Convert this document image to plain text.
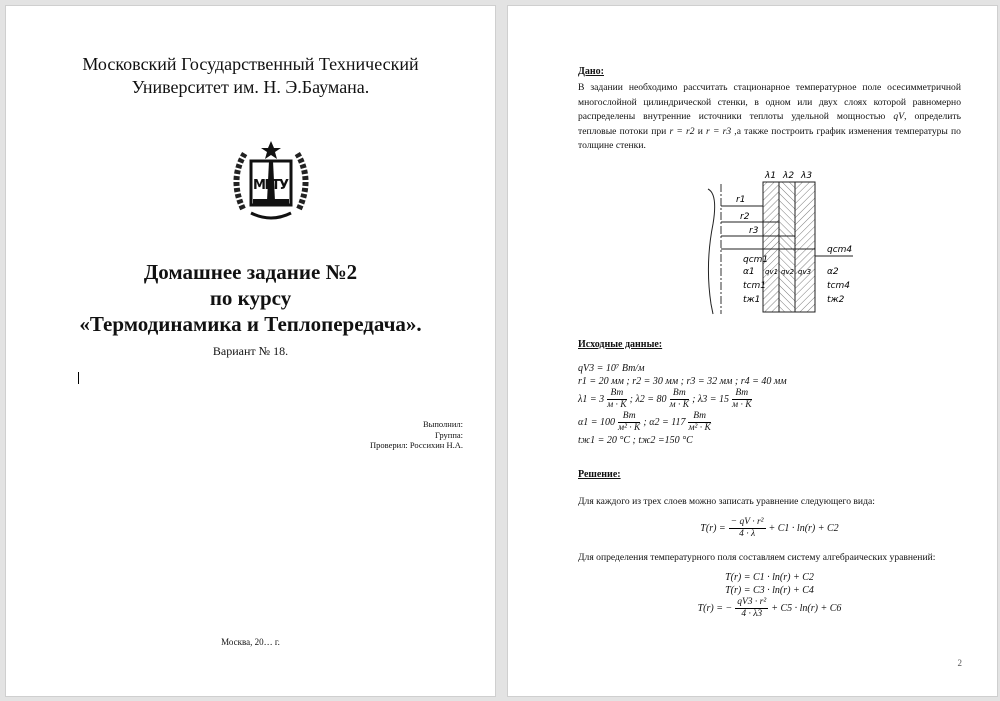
Московский Государственный Технический
Университет им. Н. Э.Баумана.
МГТУ
Домашнее задание №2
по курсу
«Термодинамика и Теплопередача».
Вариант № 18.
Выполнил:
Группа:
Проверил: Россихин Н.А.
Москва, 20… г.
Дано:
В задании необходимо рассчитать стационарное температурное поле осесимметричной многослойной цилиндрической стенки, в одном или двух слоях которой равномерно распределены внутренние источники теплоты удельной мощностью qV, определить тепловые потоки при r = r2 и r = r3 ,а также построить график изменения температуры по толщине стенки.
λ1 λ2 λ3
r1
r2
r3
qcm1
α1
tcm1
tж1
qv1 qv2 qv3
qcm4
α2
tcm4
tж2
Исходные данные:
qV3 = 10⁷ Вт/м
r1 = 20 мм ; r2 = 30 мм ; r3 = 32 мм ; r4 = 40 мм
$\lambda 1 = 3 \frac{Вт}{м \cdot K}$ ; $\lambda 2 = 80 \frac{Вт}{м \cdot K}$ ; $\lambda 3 = 15 \frac{Вт}{м \cdot K}$
$\alpha 1 = 100 \frac{Вт}{\text{м² · K}}$ ; $\alpha 2 = 117 \frac{Вт}{\text{м² · K}}$
tж1 = 20 °C ; tж2 =150 °C
Решение:
Для каждого из трех слоев можно записать уравнение следующего вида:
$T(r) = \frac{\text{− qV · r²}}{4 \cdot \lambda} + C1 \cdot \ln(r) + C2$
Для определения температурного поля составляем систему алгебраических уравнений:
T(r) = C1 · ln(r) + C2
T(r) = C3 · ln(r) + C4
T(r) = − $\frac{\text{qV3 · r²}}{4 \cdot \lambda 3} + C5 \cdot \ln(r) + C6$
2
